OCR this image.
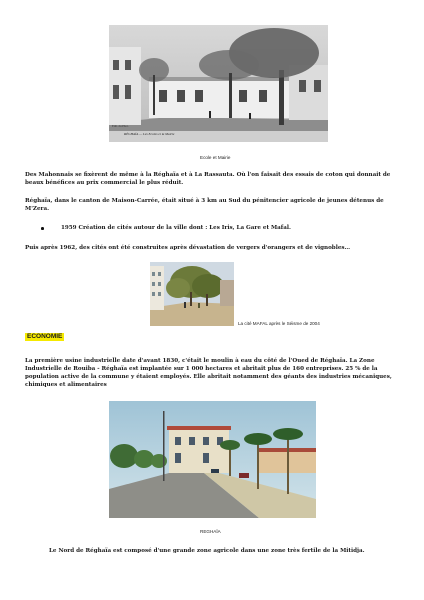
Edit. du Phot.
RÉGHAÏA — Les Ecoles et la Mairie
Ecole et Mairie
Des Mahonnais se fixèrent de même à la Réghaïa et à La Rassauta. Où l'on faisait des essais de coton qui donnait de beaux bénéfices au prix commercial le plus réduit.
Réghaïa, dans le canton de Maison-Carrée, était situé à 3 km au Sud du pénitencier agricole de jeunes détenus de M'Zera.
1959 Création de cités autour de la ville dont : Les Iris, La Gare et Mafal.
Puis après 1962, des cités ont été construites après dévastation de vergers d'orangers et de vignobles…
La cité MAFAL après le Séisme de 2004
ECONOMIE
La première usine industrielle date d'avant 1830, c'était le moulin à eau du côté de l'Oued de Réghaïa. La Zone Industrielle de Rouiba - Réghaïa est implantée sur 1 000 hectares et abritait plus de 160 entreprises. 25 % de la population active de la commune y étaient employés. Elle abritait notamment des géants des industries mécaniques, chimiques et alimentaires
REGHAÏA
Le Nord de Réghaïa est composé d'une grande zone agricole dans une zone très fertile de la Mitidja.
